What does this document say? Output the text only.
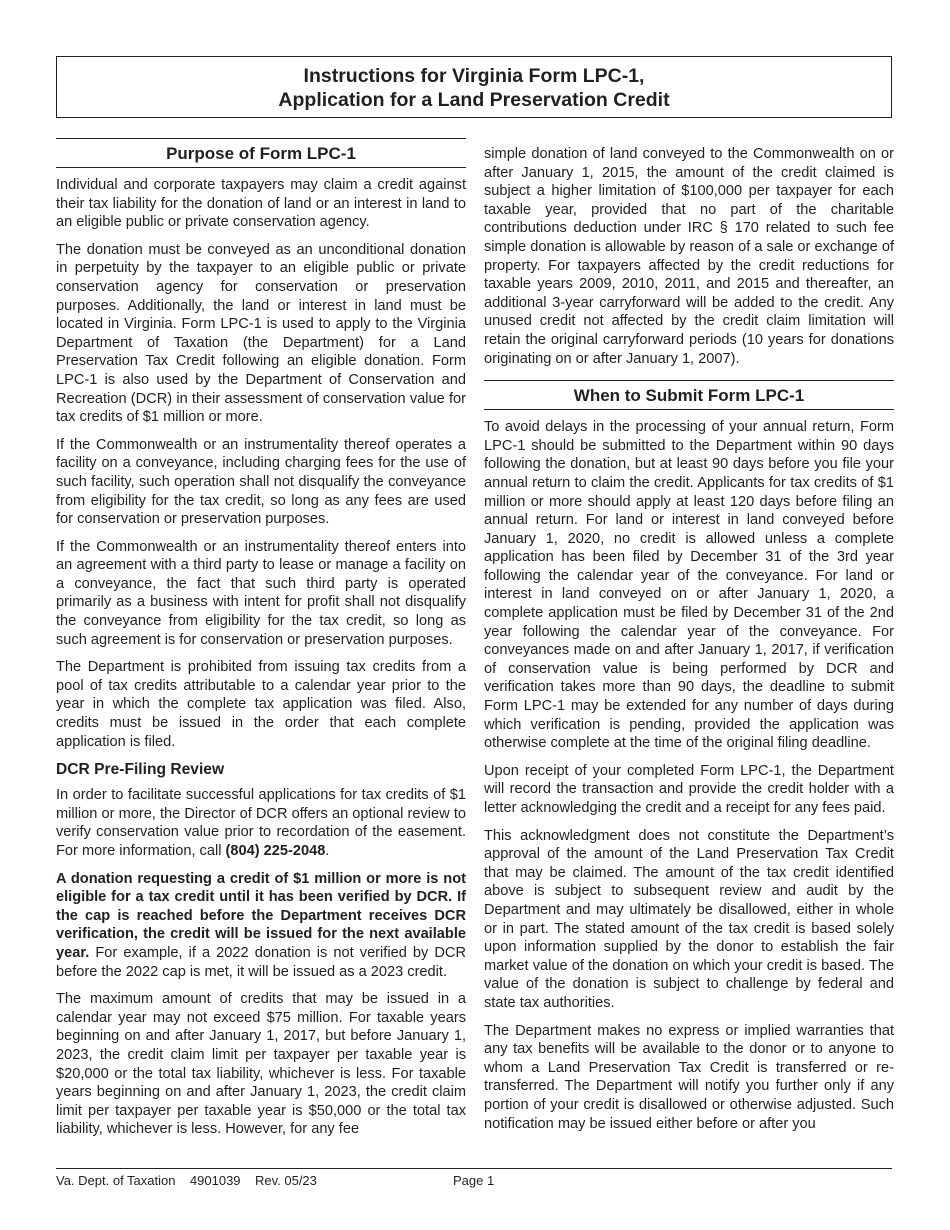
Instructions for Virginia Form LPC-1,
Application for a Land Preservation Credit
Purpose of Form LPC-1

Individual and corporate taxpayers may claim a credit against their tax liability for the donation of land or an interest in land to an eligible public or private conservation agency.

The donation must be conveyed as an unconditional donation in perpetuity by the taxpayer to an eligible public or private conservation agency for conservation or preservation purposes. Additionally, the land or interest in land must be located in Virginia. Form LPC-1 is used to apply to the Virginia Department of Taxation (the Department) for a Land Preservation Tax Credit following an eligible donation. Form LPC-1 is also used by the Department of Conservation and Recreation (DCR) in their assessment of conservation value for tax credits of $1 million or more.

If the Commonwealth or an instrumentality thereof operates a facility on a conveyance, including charging fees for the use of such facility, such operation shall not disqualify the conveyance from eligibility for the tax credit, so long as any fees are used for conservation or preservation purposes.

If the Commonwealth or an instrumentality thereof enters into an agreement with a third party to lease or manage a facility on a conveyance, the fact that such third party is operated primarily as a business with intent for profit shall not disqualify the conveyance from eligibility for the tax credit, so long as such agreement is for conservation or preservation purposes.

The Department is prohibited from issuing tax credits from a pool of tax credits attributable to a calendar year prior to the year in which the complete tax application was filed. Also, credits must be issued in the order that each complete application is filed.

DCR Pre-Filing Review

In order to facilitate successful applications for tax credits of $1 million or more, the Director of DCR offers an optional review to verify conservation value prior to recordation of the easement. For more information, call (804) 225-2048.

A donation requesting a credit of $1 million or more is not eligible for a tax credit until it has been verified by DCR. If the cap is reached before the Department receives DCR verification, the credit will be issued for the next available year. For example, if a 2022 donation is not verified by DCR before the 2022 cap is met, it will be issued as a 2023 credit.

The maximum amount of credits that may be issued in a calendar year may not exceed $75 million. For taxable years beginning on and after January 1, 2017, but before January 1, 2023, the credit claim limit per taxpayer per taxable year is $20,000 or the total tax liability, whichever is less. For taxable years beginning on and after January 1, 2023, the credit claim limit per taxpayer per taxable year is $50,000 or the total tax liability, whichever is less. However, for any fee

simple donation of land conveyed to the Commonwealth on or after January 1, 2015, the amount of the credit claimed is subject a higher limitation of $100,000 per taxpayer for each taxable year, provided that no part of the charitable contributions deduction under IRC § 170 related to such fee simple donation is allowable by reason of a sale or exchange of property. For taxpayers affected by the credit reductions for taxable years 2009, 2010, 2011, and 2015 and thereafter, an additional 3-year carryforward will be added to the credit. Any unused credit not affected by the credit claim limitation will retain the original carryforward periods (10 years for donations originating on or after January 1, 2007).

When to Submit Form LPC-1

To avoid delays in the processing of your annual return, Form LPC-1 should be submitted to the Department within 90 days following the donation, but at least 90 days before you file your annual return to claim the credit. Applicants for tax credits of $1 million or more should apply at least 120 days before filing an annual return. For land or interest in land conveyed before January 1, 2020, no credit is allowed unless a complete application has been filed by December 31 of the 3rd year following the calendar year of the conveyance. For land or interest in land conveyed on or after January 1, 2020, a complete application must be filed by December 31 of the 2nd year following the calendar year of the conveyance. For conveyances made on and after January 1, 2017, if verification of conservation value is being performed by DCR and verification takes more than 90 days, the deadline to submit Form LPC-1 may be extended for any number of days during which verification is pending, provided the application was otherwise complete at the time of the original filing deadline.

Upon receipt of your completed Form LPC-1, the Department will record the transaction and provide the credit holder with a letter acknowledging the credit and a receipt for any fees paid.

This acknowledgment does not constitute the Department’s approval of the amount of the Land Preservation Tax Credit that may be claimed. The amount of the tax credit identified above is subject to subsequent review and audit by the Department and may ultimately be disallowed, either in whole or in part. The stated amount of the tax credit is based solely upon information supplied by the donor to establish the fair market value of the donation on which your credit is based. The value of the donation is subject to challenge by federal and state tax authorities.

The Department makes no express or implied warranties that any tax benefits will be available to the donor or to anyone to whom a Land Preservation Tax Credit is transferred or re-transferred. The Department will notify you further only if any portion of your credit is disallowed or otherwise adjusted. Such notification may be issued either before or after you

Va. Dept. of Taxation    4901039    Rev. 05/23	Page 1
